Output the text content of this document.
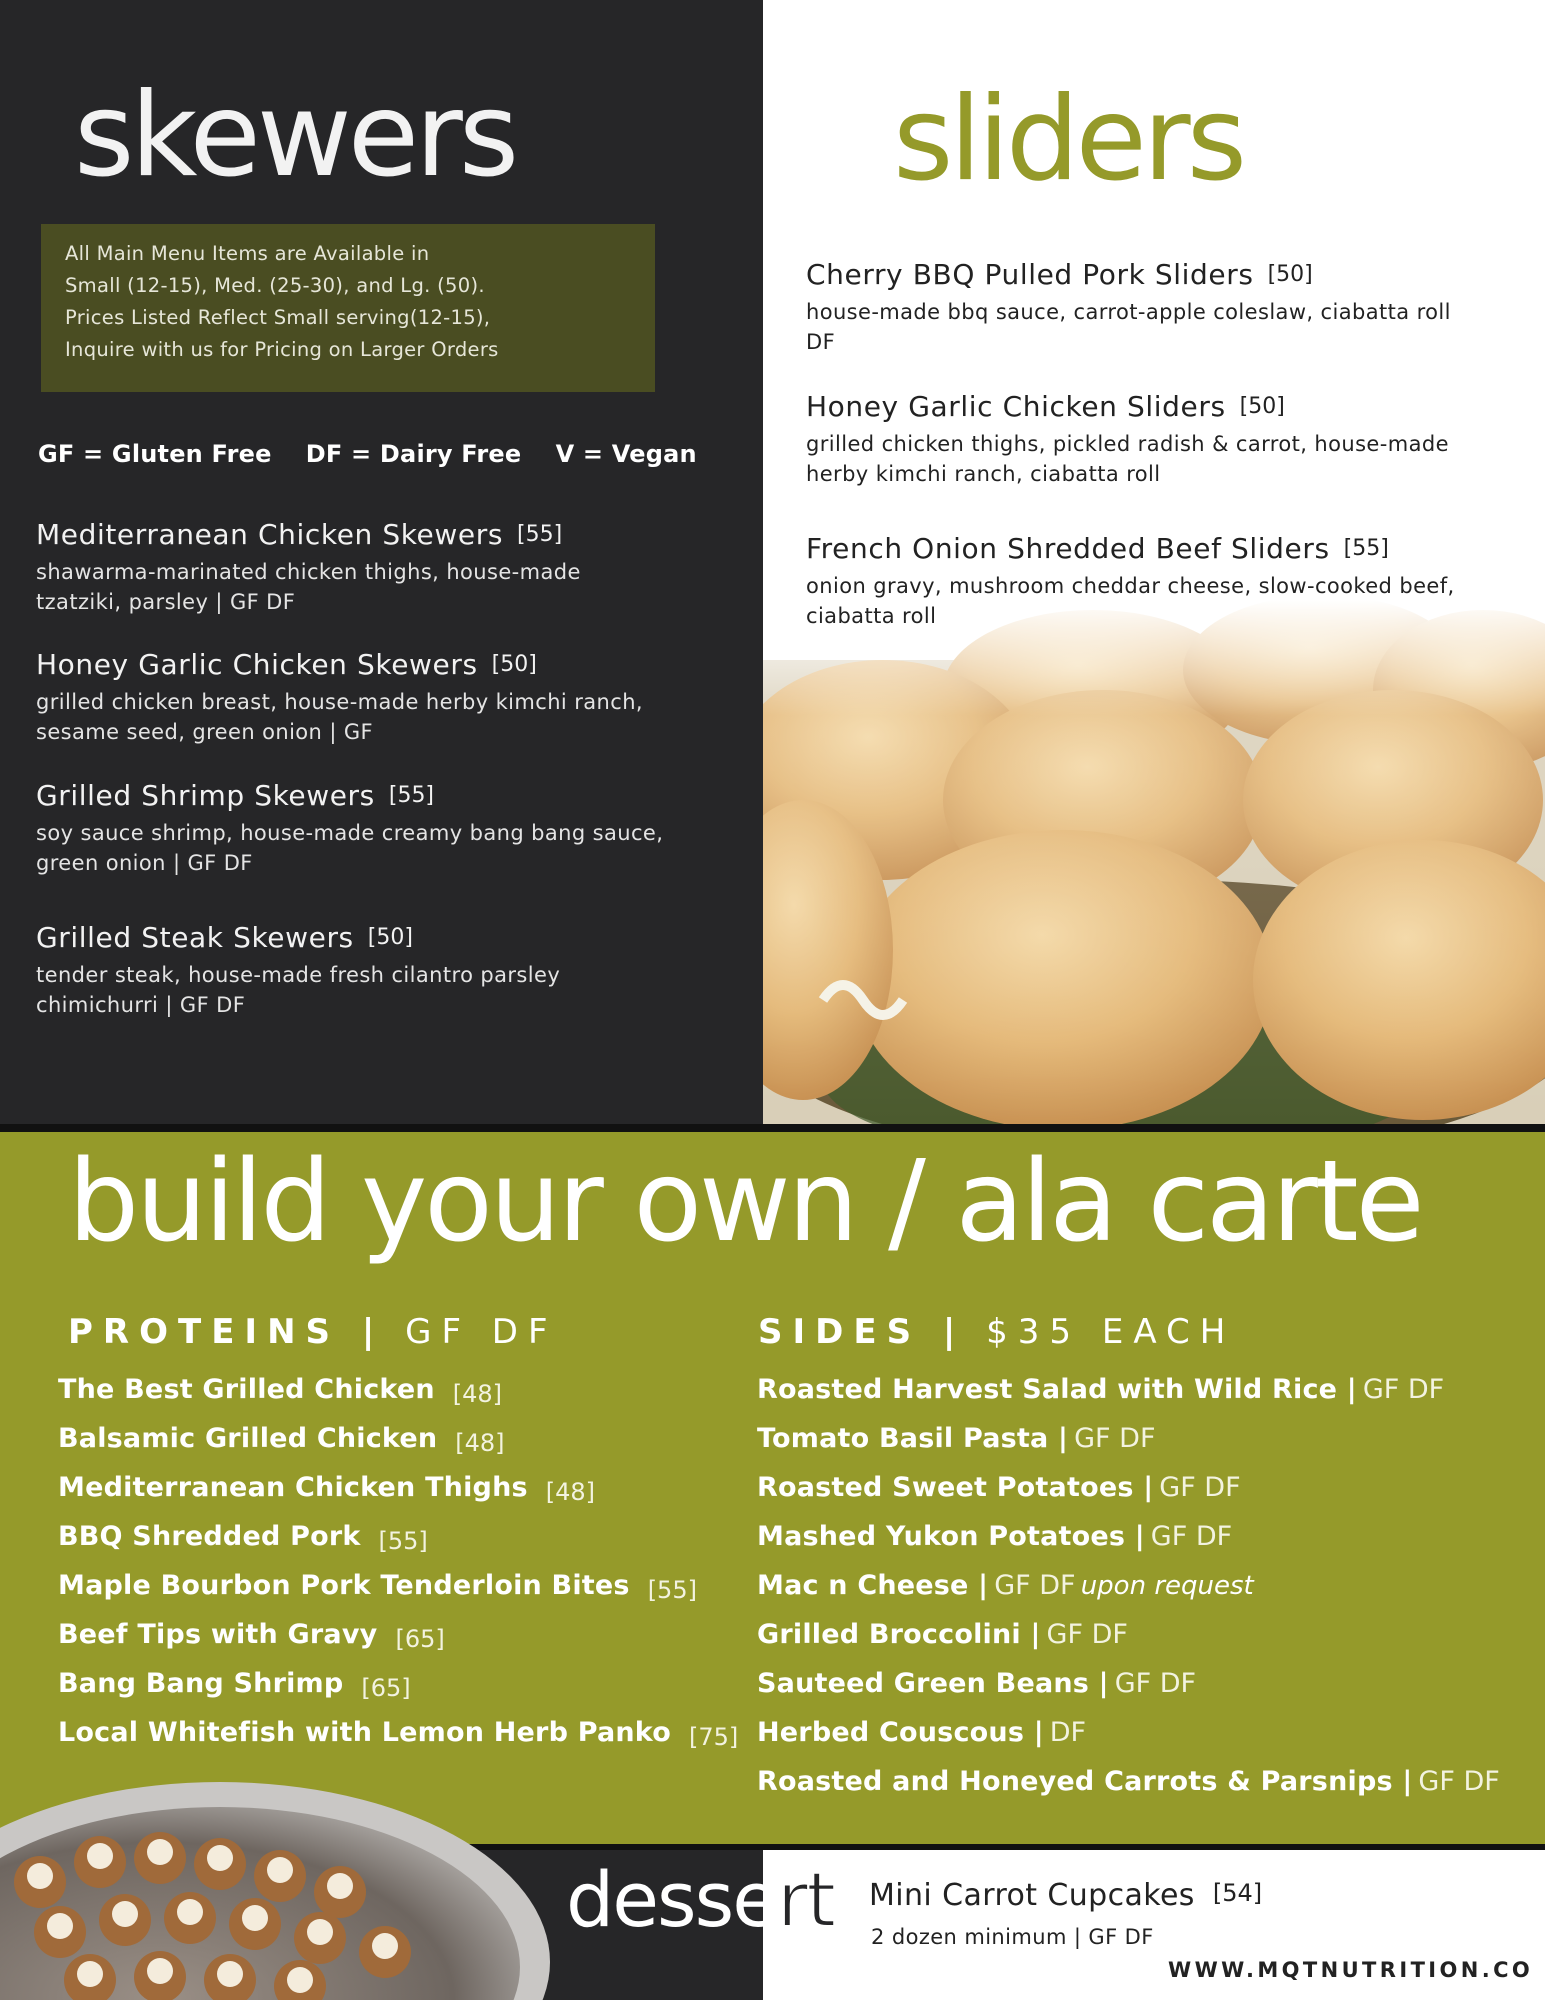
skewers
All Main Menu Items are Available in
Small (12-15), Med. (25-30), and Lg. (50).
Prices Listed Reflect Small serving(12-15),
Inquire with us for Pricing on Larger Orders
GF = Gluten Free    DF = Dairy Free    V = Vegan
Mediterranean Chicken Skewers [55]
shawarma-marinated chicken thighs, house-made
tzatziki, parsley | GF DF
Honey Garlic Chicken Skewers [50]
grilled chicken breast, house-made herby kimchi ranch,
sesame seed, green onion | GF
Grilled Shrimp Skewers [55]
soy sauce shrimp, house-made creamy bang bang sauce,
green onion | GF DF
Grilled Steak Skewers [50]
tender steak, house-made fresh cilantro parsley
chimichurri | GF DF
sliders
Cherry BBQ Pulled Pork Sliders [50]
house-made bbq sauce, carrot-apple coleslaw, ciabatta roll
DF
Honey Garlic Chicken Sliders [50]
grilled chicken thighs, pickled radish & carrot, house-made
herby kimchi ranch, ciabatta roll
French Onion Shredded Beef Sliders [55]
onion gravy, mushroom cheddar cheese, slow-cooked beef,
ciabatta roll
build your own / ala carte
PROTEINS | GF DF
The Best Grilled Chicken [48]
Balsamic Grilled Chicken [48]
Mediterranean Chicken Thighs [48]
BBQ Shredded Pork [55]
Maple Bourbon Pork Tenderloin Bites [55]
Beef Tips with Gravy [65]
Bang Bang Shrimp [65]
Local Whitefish with Lemon Herb Panko [75]
SIDES | $35 EACH
Roasted Harvest Salad with Wild Rice | GF DF
Tomato Basil Pasta | GF DF
Roasted Sweet Potatoes | GF DF
Mashed Yukon Potatoes | GF DF
Mac n Cheese | GF DF upon request
Grilled Broccolini | GF DF
Sauteed Green Beans | GF DF
Herbed Couscous | DF
Roasted and Honeyed Carrots & Parsnips | GF DF
dessert Mini Carrot Cupcakes [54]
2 dozen minimum | GF DF
WWW.MQTNUTRITION.CO
